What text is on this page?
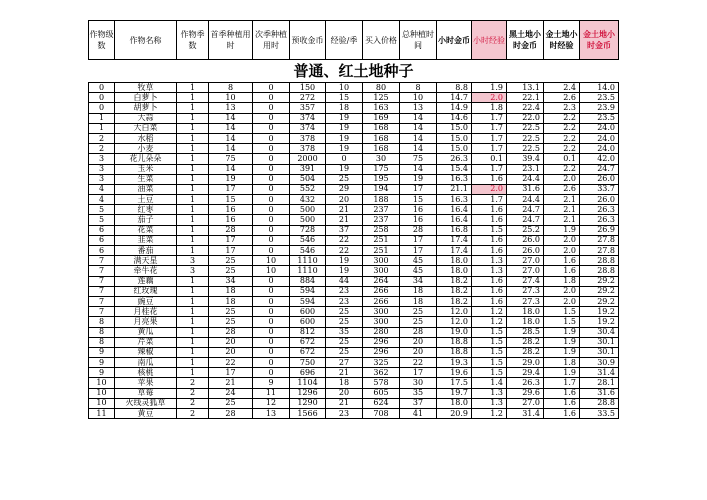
作物级数	作物名称	作物季数	首季种植用时	次季种植用时	预收金币	经验/季	买入价格	总种植时间	小时金币	小时经验	黑土地小时金币	金土地小时经验	金土地小时金币
普通、红土地种子													
0	牧草	1	8	0	150	10	80	8	8.8	1.9	13.1	2.4	14.0
0	白萝卜	1	10	0	272	15	125	10	14.7	2.0	22.1	2.6	23.5
0	胡萝卜	1	13	0	357	18	163	13	14.9	1.8	22.4	2.3	23.9
1	大蒜	1	14	0	374	19	169	14	14.6	1.7	22.0	2.2	23.5
1	大白菜	1	14	0	374	19	168	14	15.0	1.7	22.5	2.2	24.0
2	水稻	1	14	0	378	19	168	14	15.0	1.7	22.5	2.2	24.0
2	小麦	1	14	0	378	19	168	14	15.0	1.7	22.5	2.2	24.0
3	花儿朵朵	1	75	0	2000	0	30	75	26.3	0.1	39.4	0.1	42.0
3	玉米	1	14	0	391	19	175	14	15.4	1.7	23.1	2.2	24.7
3	生菜	1	19	0	504	25	195	19	16.3	1.6	24.4	2.0	26.0
4	油菜	1	17	0	552	29	194	17	21.1	2.0	31.6	2.6	33.7
4	土豆	1	15	0	432	20	188	15	16.3	1.7	24.4	2.1	26.0
5	红枣	1	16	0	500	21	237	16	16.4	1.6	24.7	2.1	26.3
5	茄子	1	16	0	500	21	237	16	16.4	1.6	24.7	2.1	26.3
6	花菜	1	28	0	728	37	258	28	16.8	1.5	25.2	1.9	26.9
6	韭菜	1	17	0	546	22	251	17	17.4	1.6	26.0	2.0	27.8
6	番茄	1	17	0	546	22	251	17	17.4	1.6	26.0	2.0	27.8
7	满天星	3	25	10	1110	19	300	45	18.0	1.3	27.0	1.6	28.8
7	牵牛花	3	25	10	1110	19	300	45	18.0	1.3	27.0	1.6	28.8
7	莲藕	1	34	0	884	44	264	34	18.2	1.6	27.4	1.8	29.2
7	红玫瑰	1	18	0	594	23	266	18	18.2	1.6	27.3	2.0	29.2
7	豌豆	1	18	0	594	23	266	18	18.2	1.6	27.3	2.0	29.2
7	月桂花	1	25	0	600	25	300	25	12.0	1.2	18.0	1.5	19.2
8	月亮果	1	25	0	600	25	300	25	12.0	1.2	18.0	1.5	19.2
8	黄瓜	1	28	0	812	35	280	28	19.0	1.5	28.5	1.9	30.4
8	芹菜	1	20	0	672	25	296	20	18.8	1.5	28.2	1.9	30.1
9	辣椒	1	20	0	672	25	296	20	18.8	1.5	28.2	1.9	30.1
9	南瓜	1	22	0	750	27	325	22	19.3	1.5	29.0	1.8	30.9
9	核桃	1	17	0	696	21	362	17	19.6	1.5	29.4	1.9	31.4
10	苹果	2	21	9	1104	18	578	30	17.5	1.4	26.3	1.7	28.1
10	草莓	2	24	11	1296	20	605	35	19.7	1.3	29.6	1.6	31.6
10	火线灵狐草	2	25	12	1290	21	624	37	18.0	1.3	27.0	1.6	28.8
11	黄豆	2	28	13	1566	23	708	41	20.9	1.2	31.4	1.6	33.5
